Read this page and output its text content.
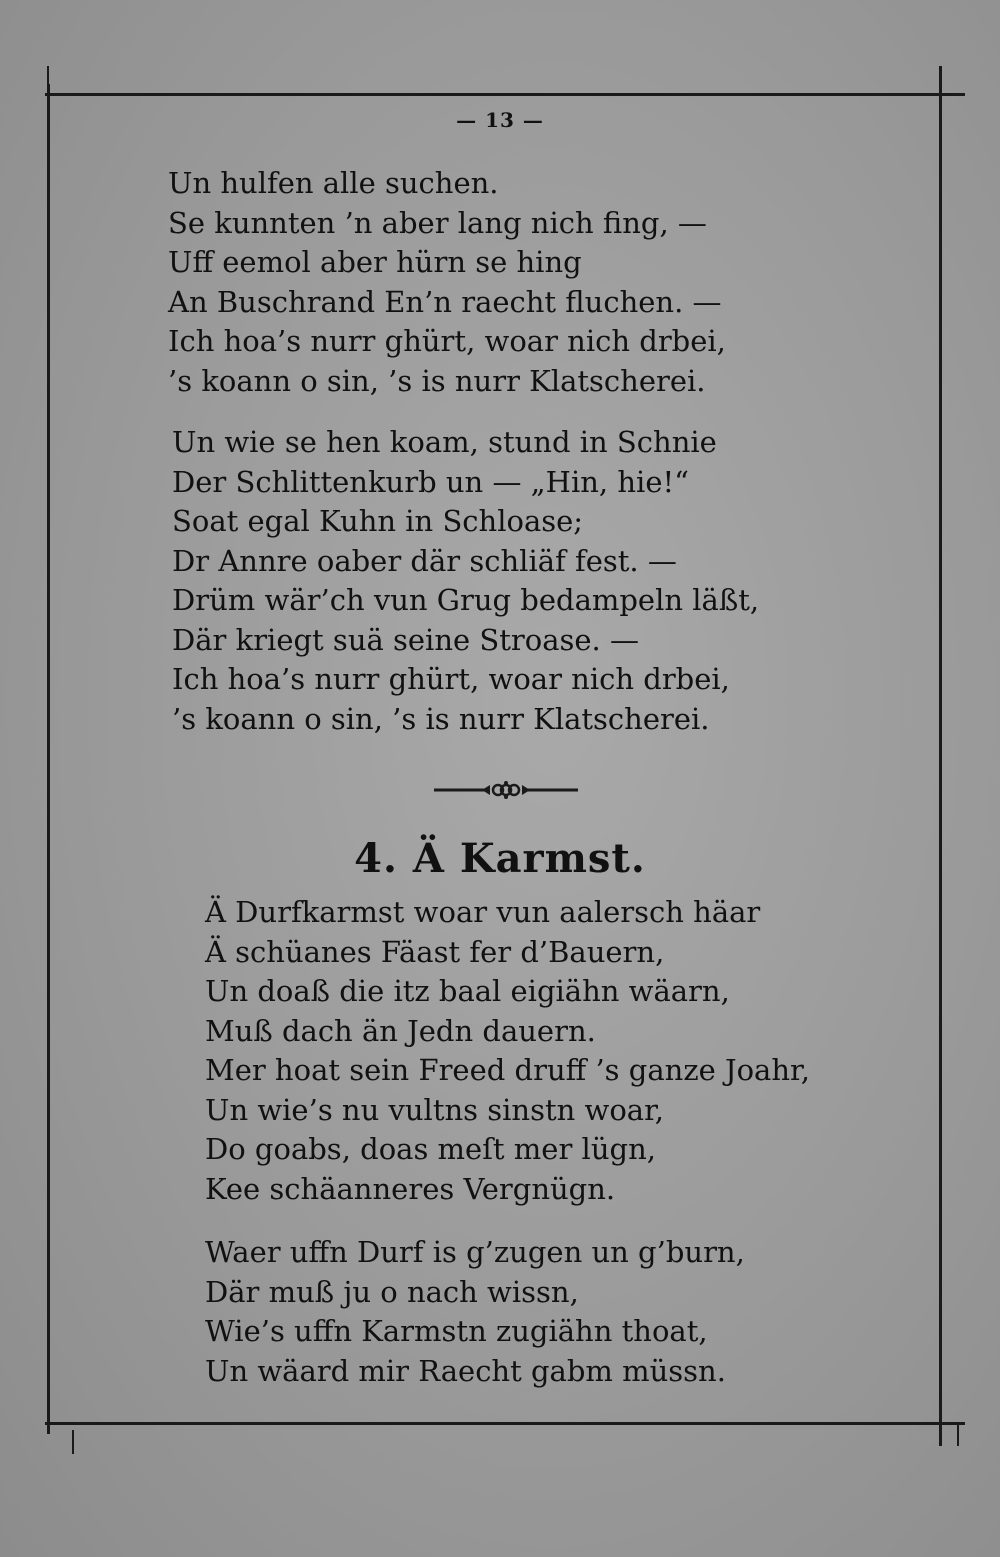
— 13 —
Un hulfen alle suchen.
Se kunnten ’n aber lang nich fing, —
Uff eemol aber hürn se hing
An Buschrand En’n raecht fluchen. —
Ich hoa’s nurr ghürt, woar nich drbei,
’s koann o sin, ’s is nurr Klatscherei.
Un wie se hen koam, stund in Schnie
Der Schlittenkurb un — „Hin, hie!“
Soat egal Kuhn in Schloase;
Dr Annre oaber där schliäf fest. —
Drüm wär’ch vun Grug bedampeln läßt,
Där kriegt suä seine Stroase. —
Ich hoa’s nurr ghürt, woar nich drbei,
’s koann o sin, ’s is nurr Klatscherei.
4. Ä Karmst.
Ä Durfkarmst woar vun aalersch häar
Ä schüanes Fäast fer d’Bauern,
Un doaß die itz baal eigiähn wäarn,
Muß dach än Jedn dauern.
Mer hoat sein Freed druff ’s ganze Joahr,
Un wie’s nu vultns sinstn woar,
Do goabs, doas meſt mer lügn,
Kee schäanneres Vergnügn.
Waer uffn Durf is g’zugen un g’burn,
Där muß ju o nach wissn,
Wie’s uffn Karmstn zugiähn thoat,
Un wäard mir Raecht gabm müssn.
